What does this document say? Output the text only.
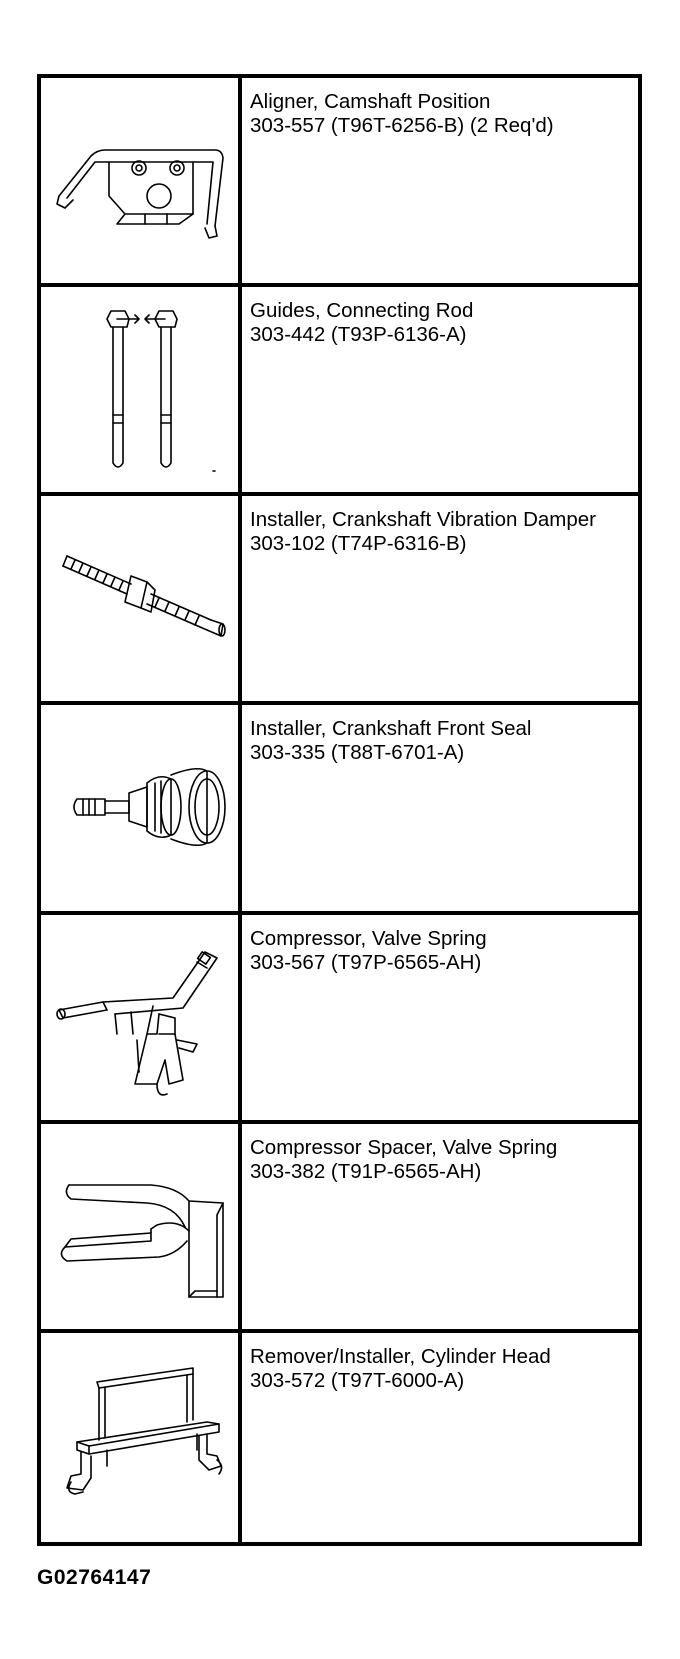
Aligner, Camshaft Position
303-557 (T96T-6256-B) (2 Req'd)
Guides, Connecting Rod
303-442 (T93P-6136-A)
Installer, Crankshaft Vibration Damper
303-102 (T74P-6316-B)
Installer, Crankshaft Front Seal
303-335 (T88T-6701-A)
Compressor, Valve Spring
303-567 (T97P-6565-AH)
Compressor Spacer, Valve Spring
303-382 (T91P-6565-AH)
Remover/Installer, Cylinder Head
303-572 (T97T-6000-A)
G02764147
